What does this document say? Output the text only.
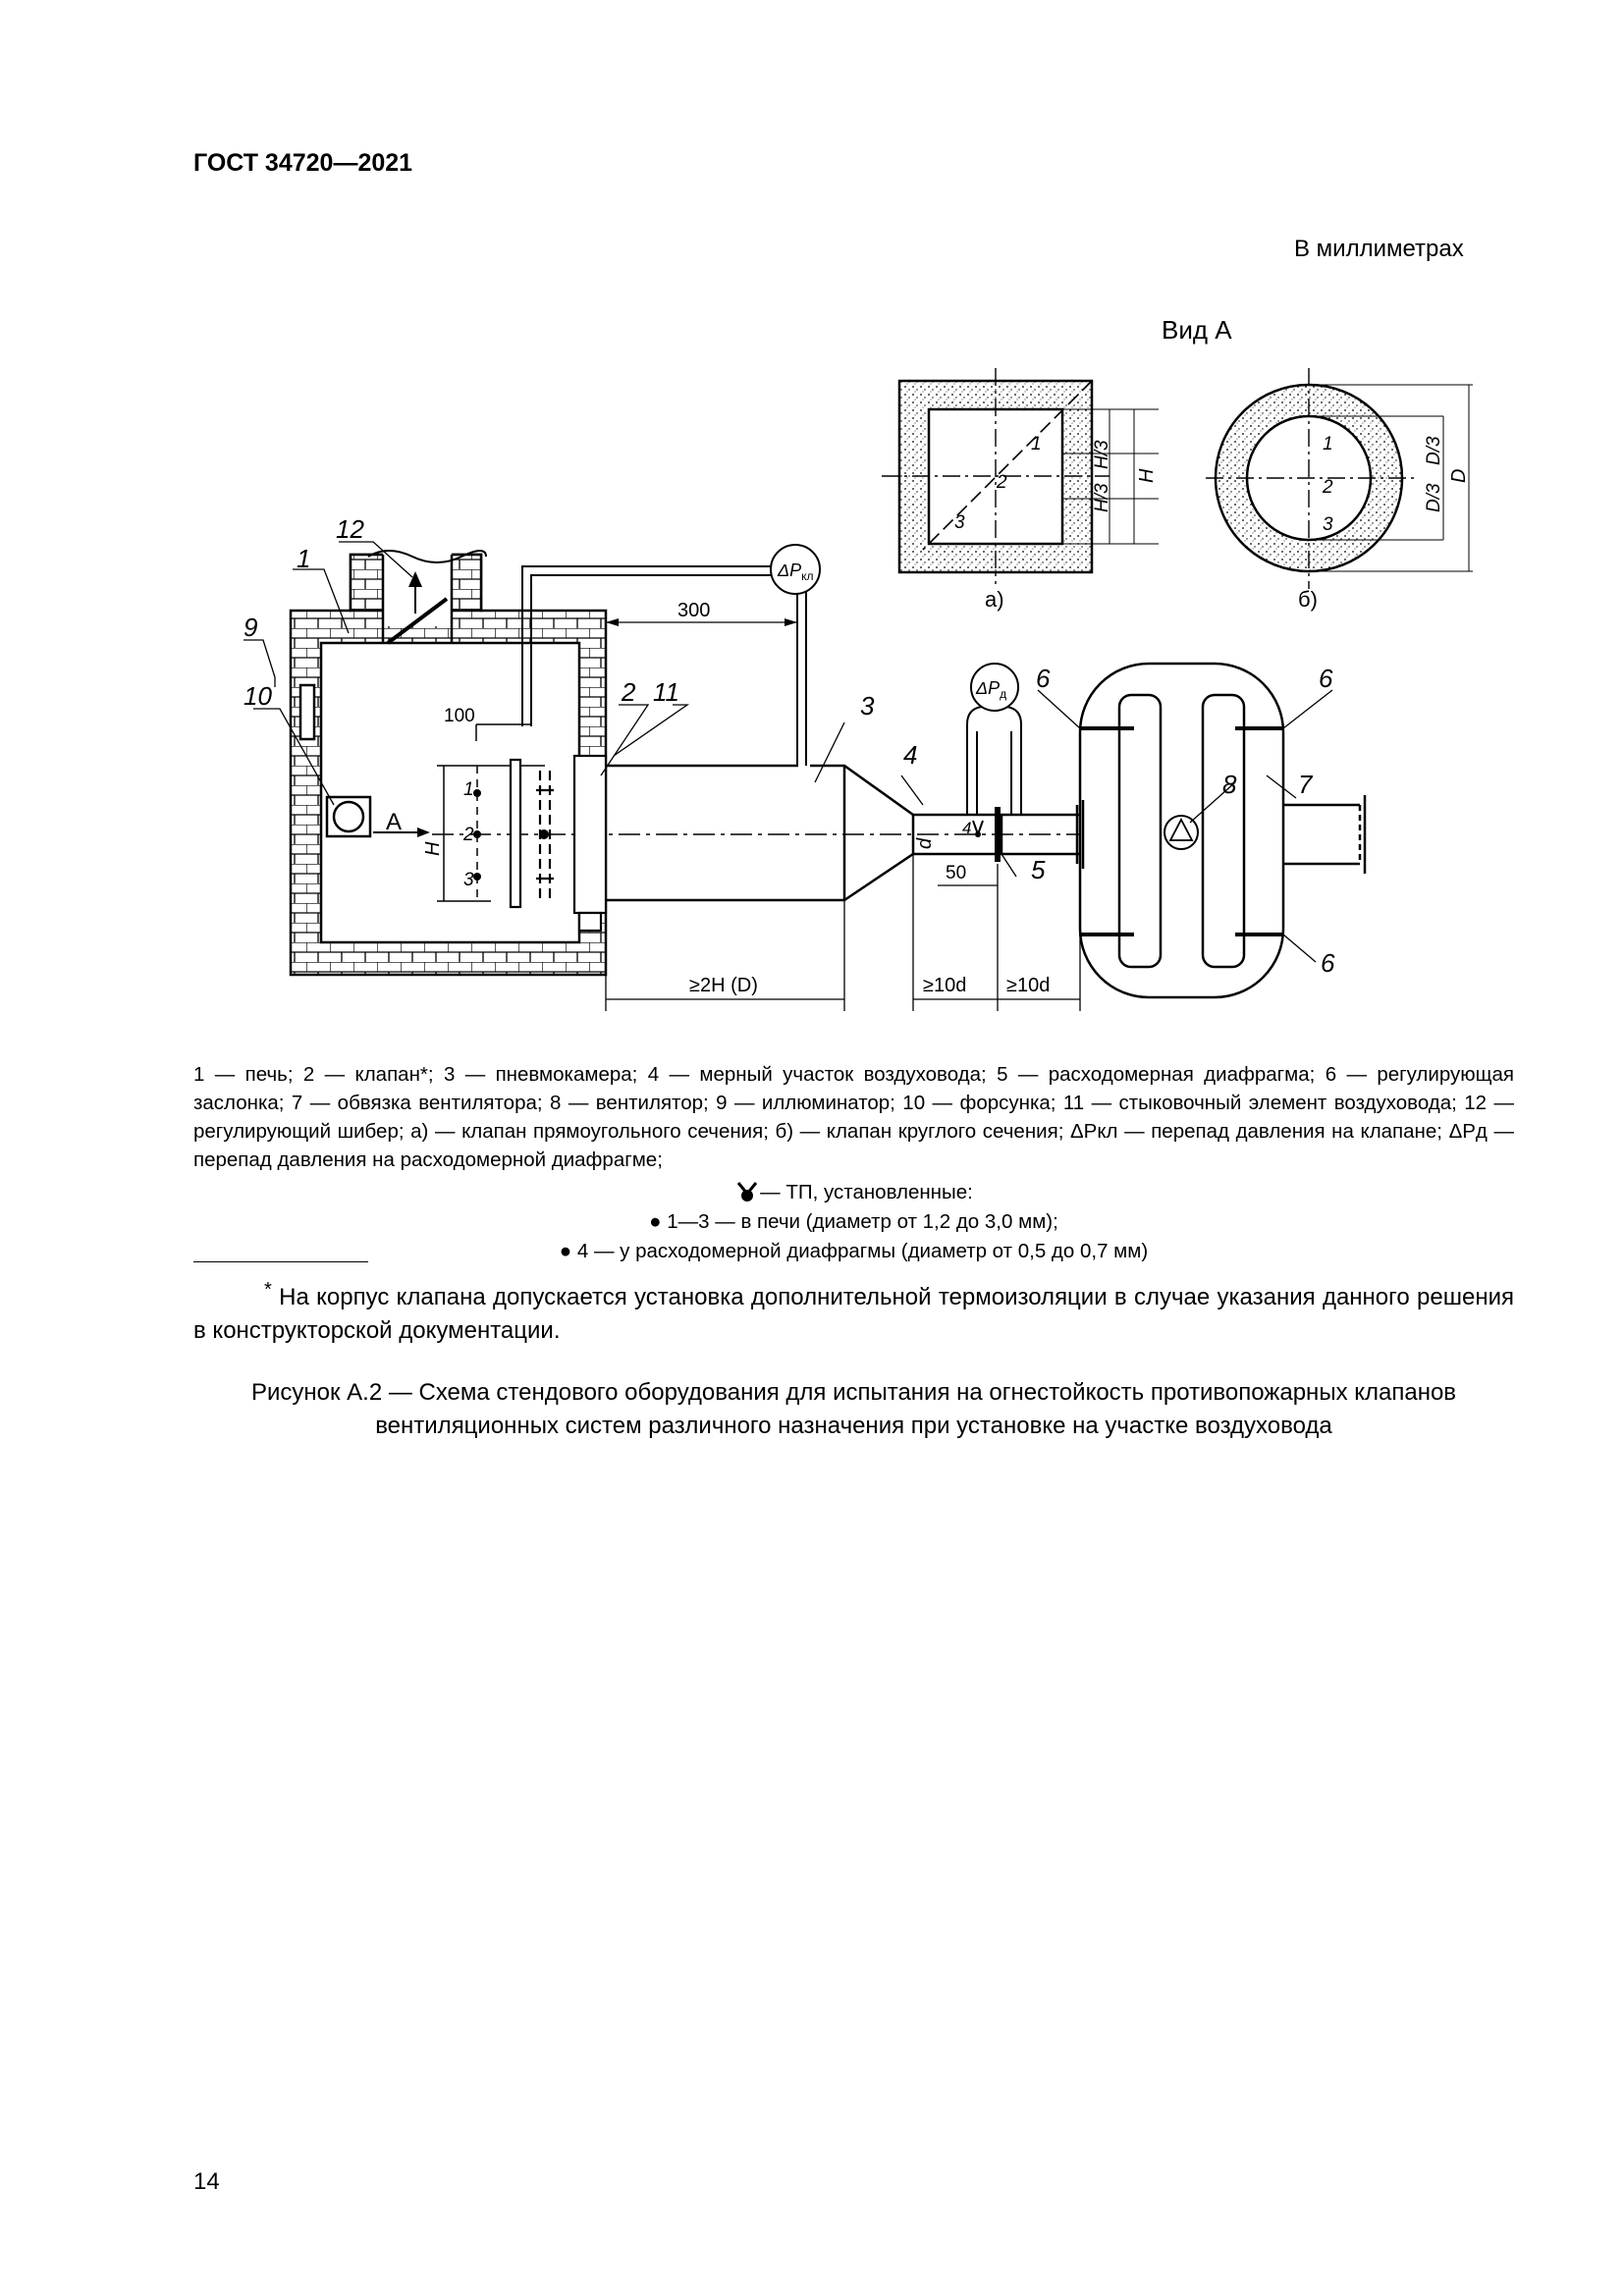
ГОСТ 34720—2021
В миллиметрах
Вид А
1
2
3
а)
H/3
H/3
H
1
2
3
б)
D/3
D/3
D
А
1
2
3
H
100
$\Delta P_{кл}$
300
$\Delta P_д$
≥2H (D)	≥10d ≥10d
50
d
1
12
9
10	2 11	3
4
5
6	6
6
7
8
4
1 — печь; 2 — клапан*; 3 — пневмокамера; 4 — мерный участок воздуховода; 5 — расходомерная диафрагма; 6 — регулирующая заслонка; 7 — обвязка вентилятора; 8 — вентилятор; 9 — иллюминатор; 10 — форсунка; 11 — стыковочный элемент воздуховода; 12 — регулирующий шибер; а) — клапан прямоугольного сечения; б) — клапан круглого сечения; ΔPкл — перепад давления на клапане; ΔPд — перепад давления на расходомерной диафрагме;
— ТП, установленные:
● 1—3 — в печи (диаметр от 1,2 до 3,0 мм);
● 4 — у расходомерной диафрагмы (диаметр от 0,5 до 0,7 мм)
* На корпус клапана допускается установка дополнительной термоизоляции в случае указания данного решения в конструкторской документации.
Рисунок А.2 — Схема стендового оборудования для испытания на огнестойкость противопожарных клапанов вентиляционных систем различного назначения при установке на участке воздуховода
14
